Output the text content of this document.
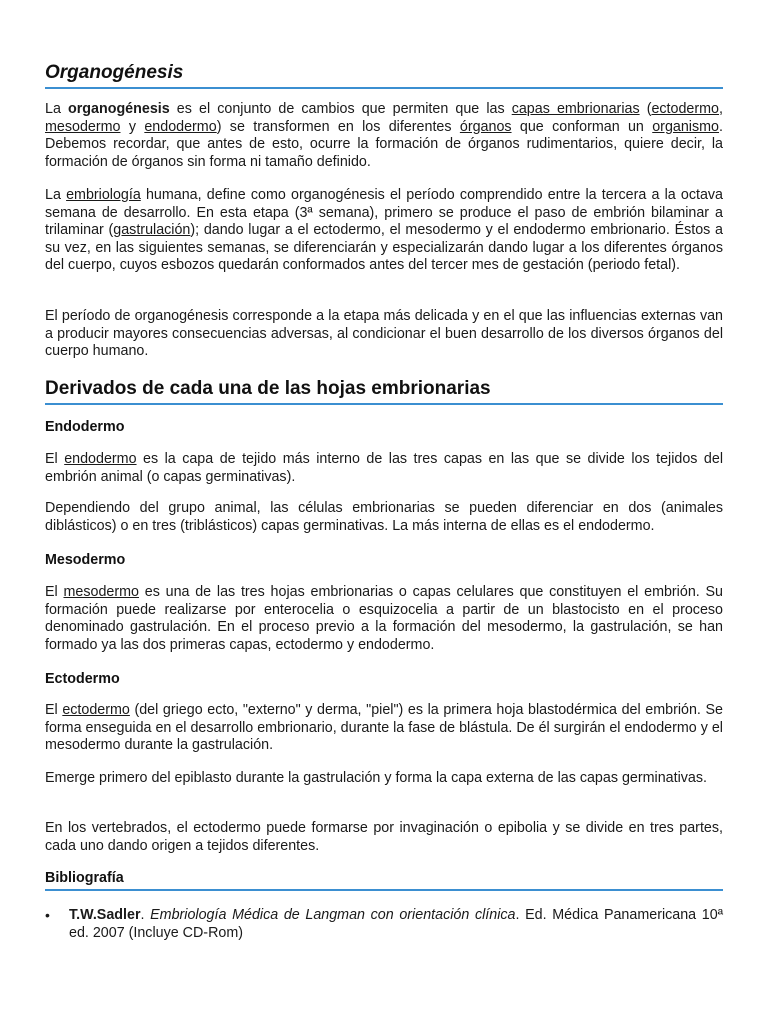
Organogénesis

La organogénesis es el conjunto de cambios que permiten que las capas embrionarias (ectodermo, mesodermo y endodermo) se transformen en los diferentes órganos que conforman un organismo. Debemos recordar, que antes de esto, ocurre la formación de órganos rudimentarios, quiere decir, la formación de órganos sin forma ni tamaño definido.

La embriología humana, define como organogénesis el período comprendido entre la tercera a la octava semana de desarrollo. En esta etapa (3ª semana), primero se produce el paso de embrión bilaminar a trilaminar (gastrulación); dando lugar a el ectodermo, el mesodermo y el endodermo embrionario. Éstos a su vez, en las siguientes semanas, se diferenciarán y especializarán dando lugar a los diferentes órganos del cuerpo, cuyos esbozos quedarán conformados antes del tercer mes de gestación (periodo fetal).

El período de organogénesis corresponde a la etapa más delicada y en el que las influencias externas van a producir mayores consecuencias adversas, al condicionar el buen desarrollo de los diversos órganos del cuerpo humano.

Derivados de cada una de las hojas embrionarias
Endodermo

El endodermo es la capa de tejido más interno de las tres capas en las que se divide los tejidos del embrión animal (o capas germinativas).

Dependiendo del grupo animal, las células embrionarias se pueden diferenciar en dos (animales diblásticos) o en tres (triblásticos) capas germinativas. La más interna de ellas es el endodermo.

Mesodermo

El mesodermo es una de las tres hojas embrionarias o capas celulares que constituyen el embrión. Su formación puede realizarse por enterocelia o esquizocelia a partir de un blastocisto en el proceso denominado gastrulación. En el proceso previo a la formación del mesodermo, la gastrulación, se han formado ya las dos primeras capas, ectodermo y endodermo.

Ectodermo

El ectodermo (del griego ecto, "externo" y derma, "piel") es la primera hoja blastodérmica del embrión. Se forma enseguida en el desarrollo embrionario, durante la fase de blástula. De él surgirán el endodermo y el mesodermo durante la gastrulación.

Emerge primero del epiblasto durante la gastrulación y forma la capa externa de las capas germinativas.

En los vertebrados, el ectodermo puede formarse por invaginación o epibolia y se divide en tres partes, cada uno dando origen a tejidos diferentes.

Bibliografía
• T.W.Sadler. Embriología Médica de Langman con orientación clínica. Ed. Médica Panamericana 10ª ed. 2007 (Incluye CD-Rom)
